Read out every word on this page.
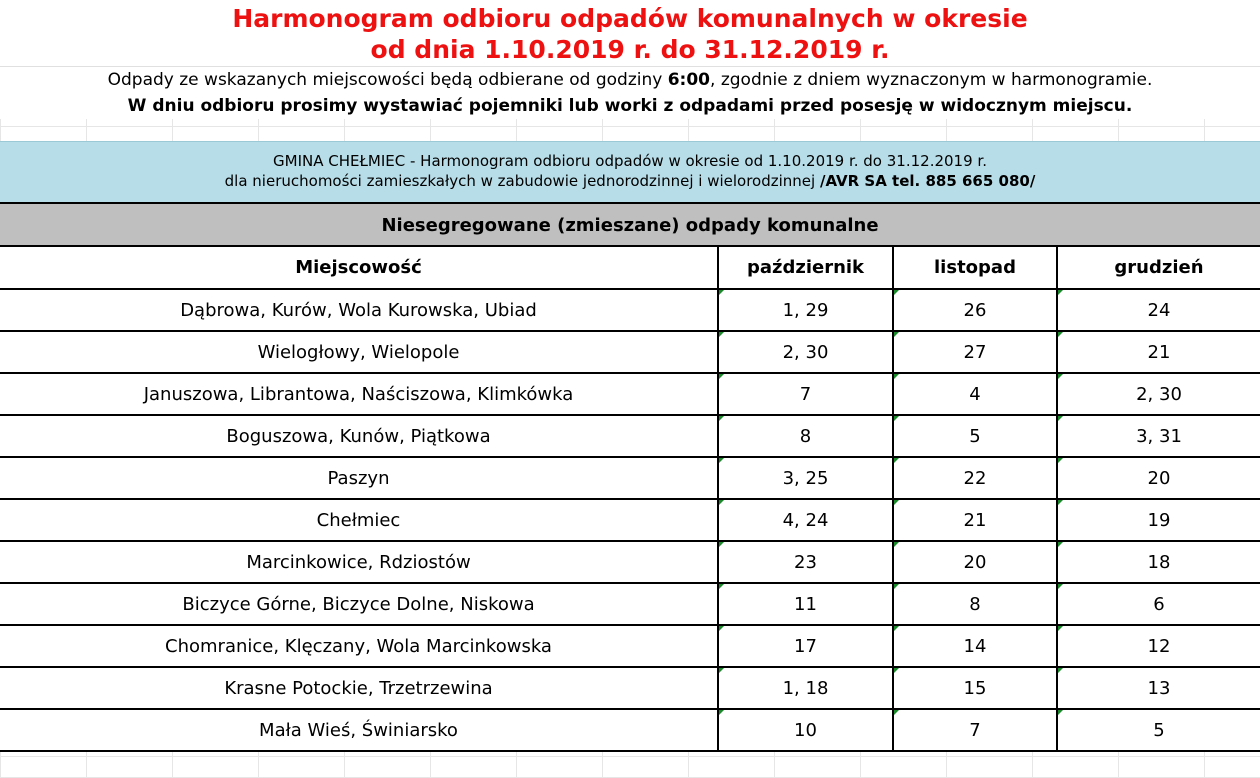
Harmonogram odbioru odpadów komunalnych w okresie
od dnia 1.10.2019 r. do 31.12.2019 r.
Odpady ze wskazanych miejscowości będą odbierane od godziny 6:00, zgodnie z dniem wyznaczonym w harmonogramie.
W dniu odbioru prosimy wystawiać pojemniki lub worki z odpadami przed posesję w widocznym miejscu.
GMINA CHEŁMIEC - Harmonogram odbioru odpadów w okresie od 1.10.2019 r. do 31.12.2019 r.
dla nieruchomości zamieszkałych w zabudowie jednorodzinnej i wielorodzinnej /AVR SA tel. 885 665 080/
Niesegregowane (zmieszane) odpady komunalne
Miejscowość	październik	listopad	grudzień
Dąbrowa, Kurów, Wola Kurowska, Ubiad	1, 29	26	24
Wielogłowy, Wielopole	2, 30	27	21
Januszowa, Librantowa, Naściszowa, Klimkówka	7	4	2, 30
Boguszowa, Kunów, Piątkowa	8	5	3, 31
Paszyn	3, 25	22	20
Chełmiec	4, 24	21	19
Marcinkowice, Rdziostów	23	20	18
Biczyce Górne, Biczyce Dolne, Niskowa	11	8	6
Chomranice, Klęczany, Wola Marcinkowska	17	14	12
Krasne Potockie, Trzetrzewina	1, 18	15	13
Mała Wieś, Świniarsko	10	7	5
